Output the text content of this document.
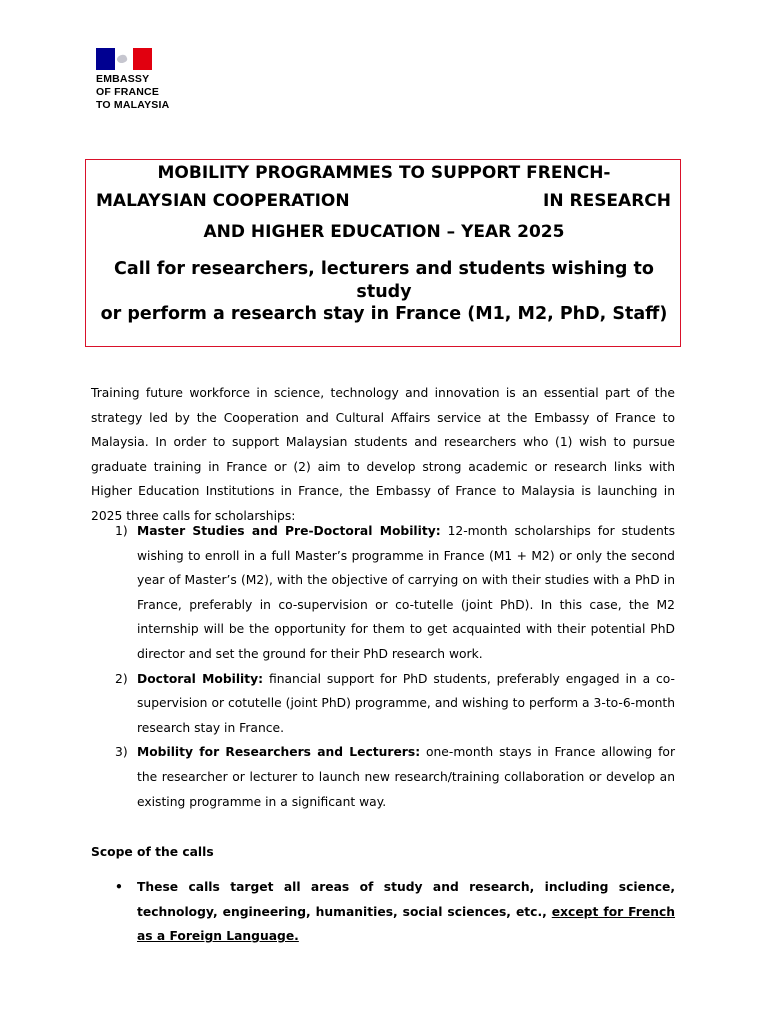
EMBASSY
OF FRANCE
TO MALAYSIA
MOBILITY PROGRAMMES TO SUPPORT FRENCH-
MALAYSIAN COOPERATION	IN RESEARCH
AND HIGHER EDUCATION – YEAR 2025
Call for researchers, lecturers and students wishing to study
or perform a research stay in France (M1, M2, PhD, Staff)

Training future workforce in science, technology and innovation is an essential part of the strategy led by the Cooperation and Cultural Affairs service at the Embassy of France to Malaysia. In order to support Malaysian students and researchers who (1) wish to pursue graduate training in France or (2) aim to develop strong academic or research links with Higher Education Institutions in France, the Embassy of France to Malaysia is launching in 2025 three calls for scholarships:

1) Master Studies and Pre-Doctoral Mobility: 12-month scholarships for students wishing to enroll in a full Master’s programme in France (M1 + M2) or only the second year of Master’s (M2), with the objective of carrying on with their studies with a PhD in France, preferably in co-supervision or co-tutelle (joint PhD). In this case, the M2 internship will be the opportunity for them to get acquainted with their potential PhD director and set the ground for their PhD research work.
2) Doctoral Mobility: financial support for PhD students, preferably engaged in a co-supervision or cotutelle (joint PhD) programme, and wishing to perform a 3-to-6-month research stay in France.
3) Mobility for Researchers and Lecturers: one-month stays in France allowing for the researcher or lecturer to launch new research/training collaboration or develop an existing programme in a significant way.

Scope of the calls

• These calls target all areas of study and research, including science, technology, engineering, humanities, social sciences, etc., except for French as a Foreign Language.
